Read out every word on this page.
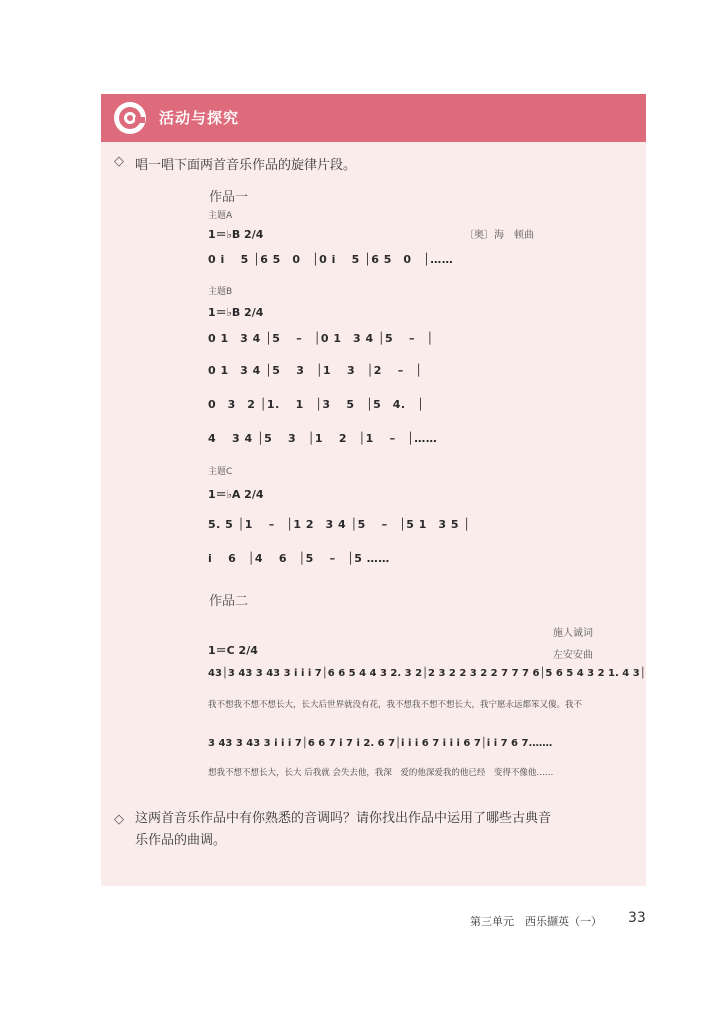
活动与探究
◇ 唱一唱下面两首音乐作品的旋律片段。
作品一
主题A
1＝♭B 2/4	〔奥〕海　顿曲
0 i　 5 │6 5　0　│0 i　 5 │6 5　0　│……
主题B
1＝♭B 2/4
0 1　3 4 │5　 –　│0 1　3 4 │5　 –　│
0 1　3 4 │5　 3　│1　 3　│2　 –　│
0　3　2 │1.　 1　│3　 5　│5　4.　│
4　 3 4 │5　 3　│1　 2　│1　 –　│……
主题C
1＝♭A 2/4
5. 5 │1　 –　│1 2　3 4 │5　 –　│5 1　3 5 │
i　 6　│4　 6　│5　 –　│5 ……
作品二
施人诚词
1＝C 2/4	左安安曲
43│3 43 3 43 3 i i i 7│6 6 5 4 4 3 2. 3 2│2 3 2 2 3 2 2 7 7 7 6│5 6 5 4 3 2 1. 4 3│
我不想我不想不想长大，长大后世界就没有花，我不想我不想不想长大，我宁愿永远都笨又傻。我不
3 43 3 43 3 i i i 7│6 6 7 i 7 i 2. 6 7│i i i 6 7 i i i 6 7│i i 7 6 7.……
想我不想不想长大，长大 后我就 会失去他，我深　爱的他深爱我的他已经　变得不像他……
◇ 这两首音乐作品中有你熟悉的音调吗？请你找出作品中运用了哪些古典音
乐作品的曲调。
第三单元　西乐撷英（一） 33
